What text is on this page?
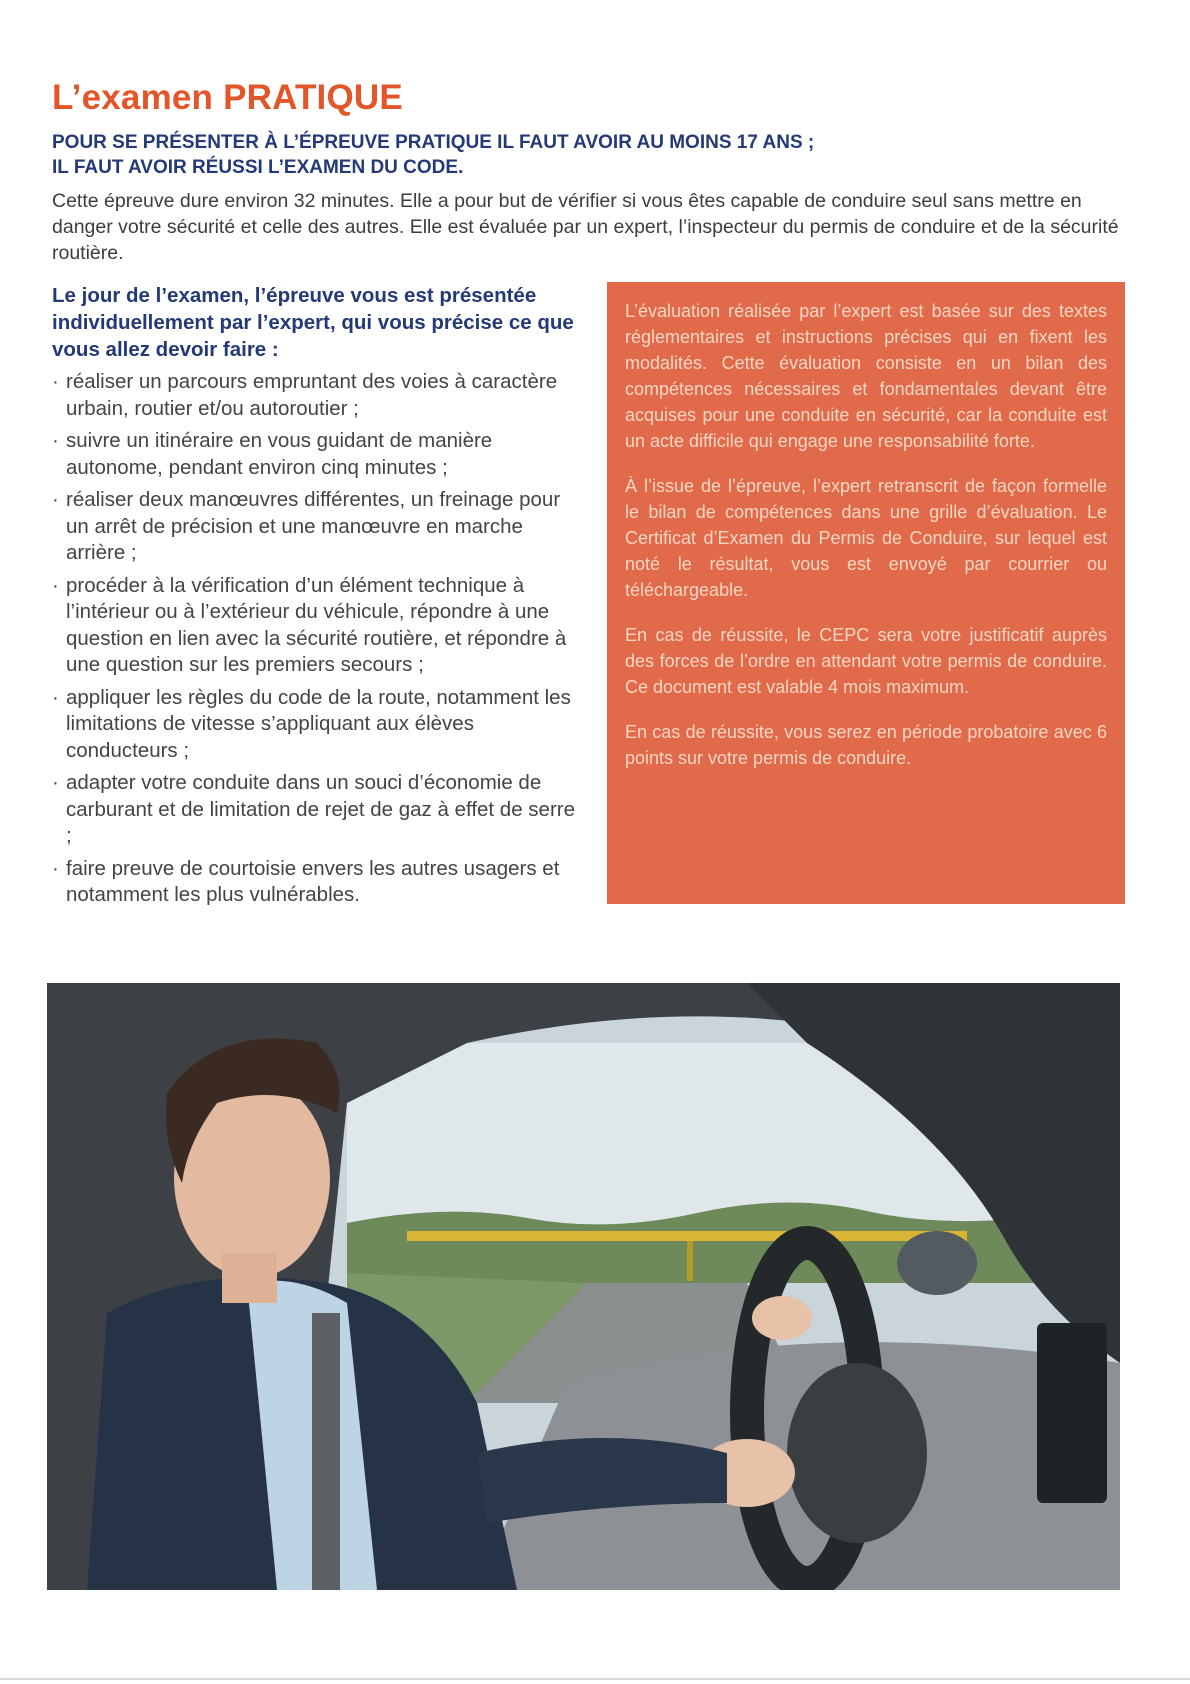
L’examen PRATIQUE
POUR SE PRÉSENTER À L’ÉPREUVE PRATIQUE IL FAUT AVOIR AU MOINS 17 ANS ;
IL FAUT AVOIR RÉUSSI L’EXAMEN DU CODE.

Cette épreuve dure environ 32 minutes. Elle a pour but de vérifier si vous êtes capable de conduire seul sans mettre en danger votre sécurité et celle des autres. Elle est évaluée par un expert, l’inspecteur du permis de conduire et de la sécurité routière.

Le jour de l’examen, l’épreuve vous est présentée individuellement par l’expert, qui vous précise ce que vous allez devoir faire :

· réaliser un parcours empruntant des voies à caractère urbain, routier et/ou autoroutier ;
· suivre un itinéraire en vous guidant de manière autonome, pendant environ cinq minutes ;
· réaliser deux manœuvres différentes, un freinage pour un arrêt de précision et une manœuvre en marche arrière ;
· procéder à la vérification d’un élément technique à l’intérieur ou à l’extérieur du véhicule, répondre à une question en lien avec la sécurité routière, et répondre à une question sur les premiers secours ;
· appliquer les règles du code de la route, notamment les limitations de vitesse s’appliquant aux élèves conducteurs ;
· adapter votre conduite dans un souci d’économie de carburant et de limitation de rejet de gaz à effet de serre ;
· faire preuve de courtoisie envers les autres usagers et notamment les plus vulnérables.

L’évaluation réalisée par l’expert est basée sur des textes réglementaires et instructions précises qui en fixent les modalités. Cette évaluation consiste en un bilan des compétences nécessaires et fondamentales devant être acquises pour une conduite en sécurité, car la conduite est un acte difficile qui engage une responsabilité forte.

À l’issue de l’épreuve, l’expert retranscrit de façon formelle le bilan de compétences dans une grille d’évaluation. Le Certificat d’Examen du Permis de Conduire, sur lequel est noté le résultat, vous est envoyé par courrier ou téléchargeable.

En cas de réussite, le CEPC sera votre justificatif auprès des forces de l’ordre en attendant votre permis de conduire. Ce document est valable 4 mois maximum.

En cas de réussite, vous serez en période probatoire avec 6 points sur votre permis de conduire.
